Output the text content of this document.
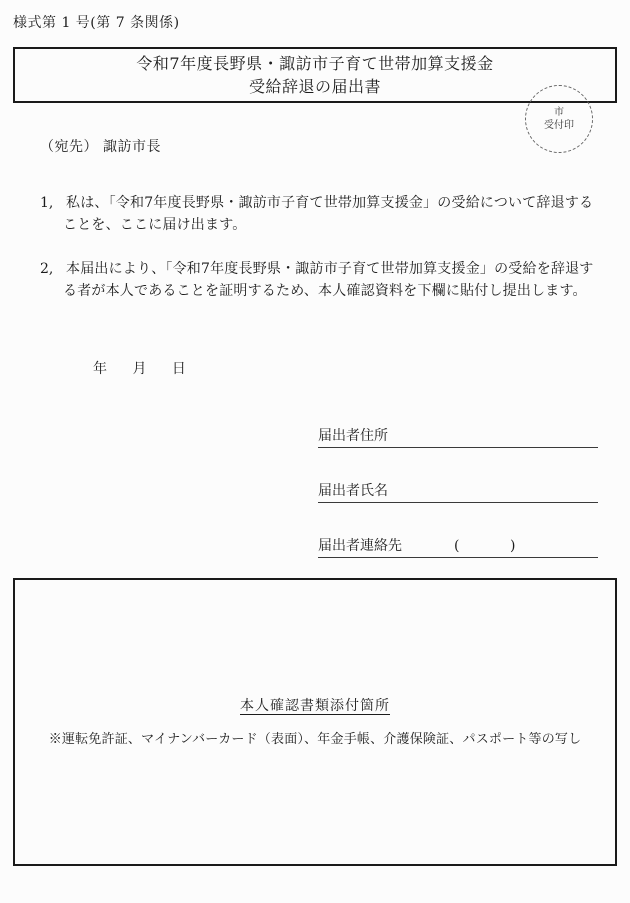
様式第 1 号(第 7 条関係)
令和7年度長野県・諏訪市子育て世帯加算支援金
受給辞退の届出書
市
受付印
（宛先） 諏訪市長
1, 私は、「令和7年度長野県・諏訪市子育て世帯加算支援金」の受給について辞退することを、ここに届け出ます。
2, 本届出により、「令和7年度長野県・諏訪市子育て世帯加算支援金」の受給を辞退する者が本人であることを証明するため、本人確認資料を下欄に貼付し提出します。
年 月 日
届出者住所
届出者氏名
届出者連絡先	(	)
本人確認書類添付箇所
※運転免許証、マイナンバーカード（表面）、年金手帳、介護保険証、パスポート等の写し
